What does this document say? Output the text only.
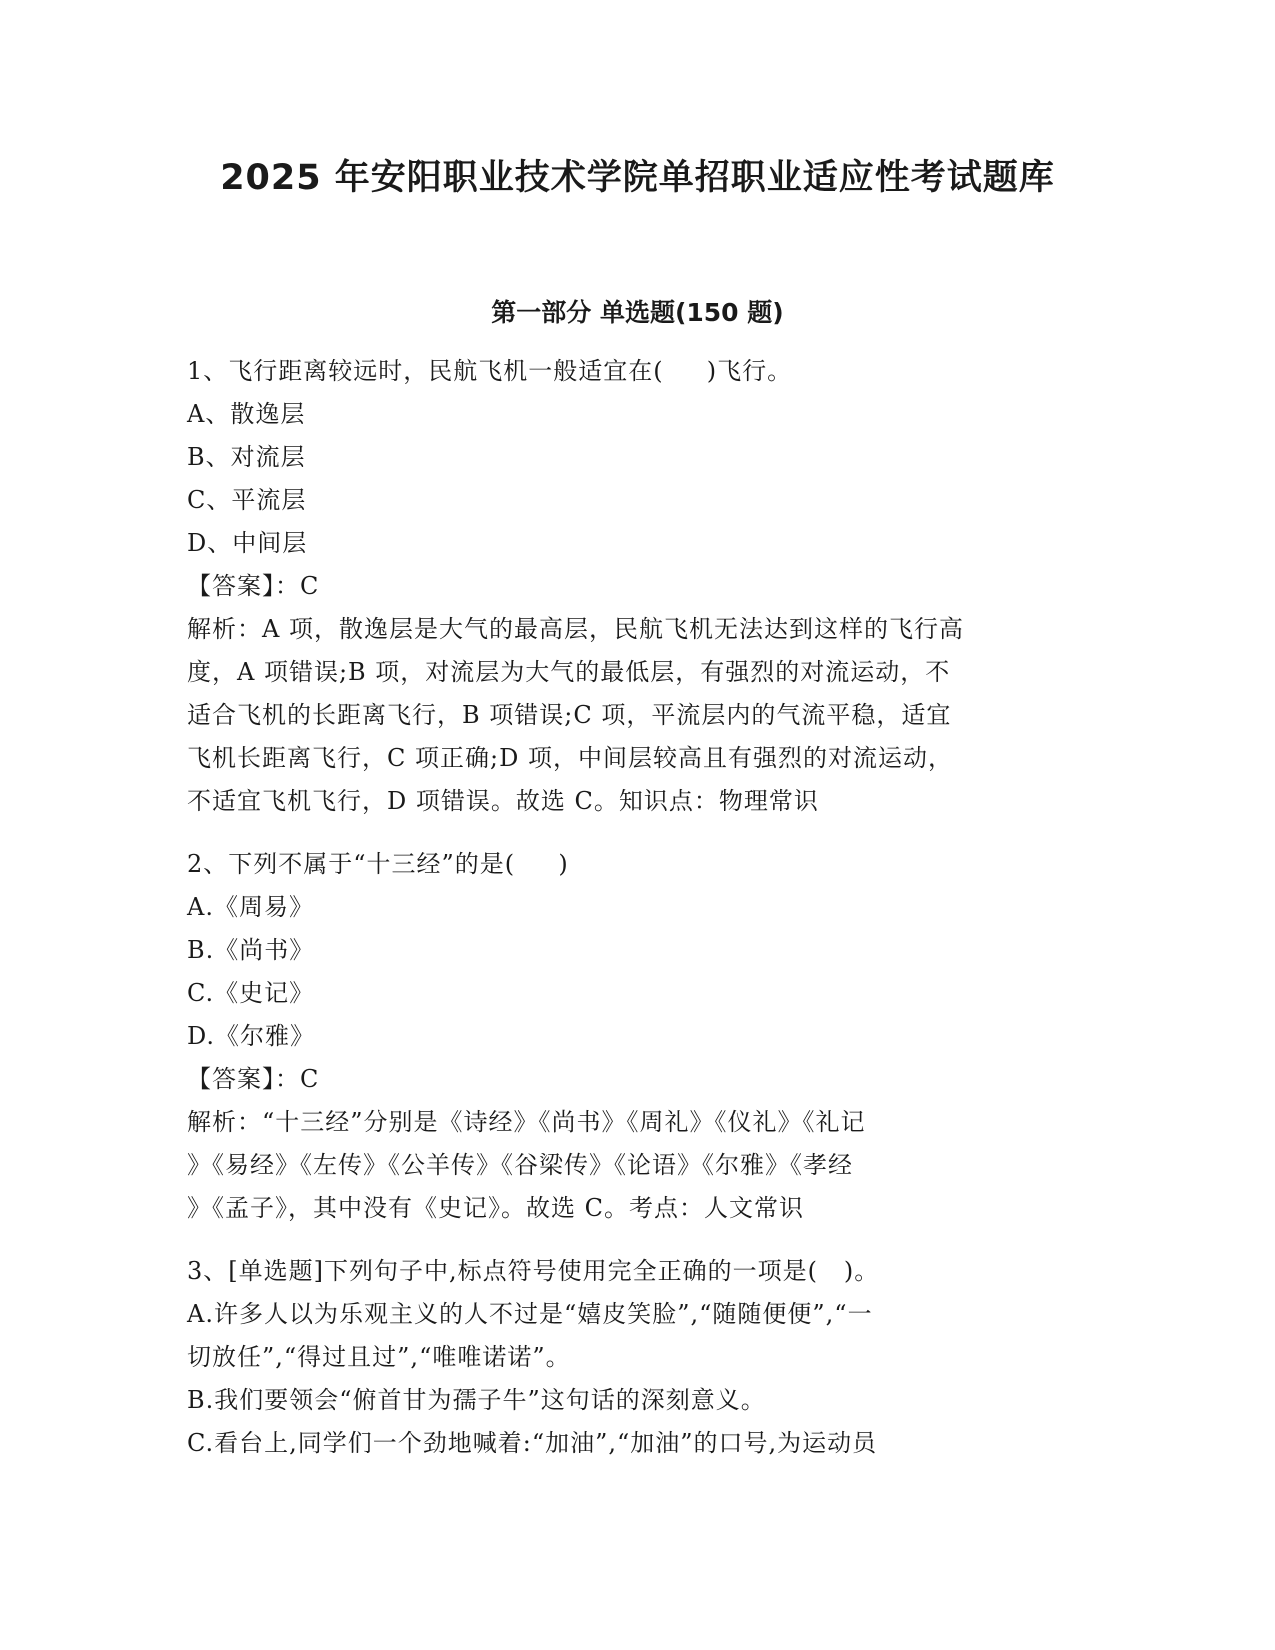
2025 年安阳职业技术学院单招职业适应性考试题库
第一部分 单选题(150 题)
1、飞行距离较远时，民航飞机一般适宜在(     )飞行。
A、散逸层
B、对流层
C、平流层
D、中间层
【答案】：C
解析：A 项，散逸层是大气的最高层，民航飞机无法达到这样的飞行高
度，A 项错误;B 项，对流层为大气的最低层，有强烈的对流运动，不
适合飞机的长距离飞行，B 项错误;C 项，平流层内的气流平稳，适宜
飞机长距离飞行，C 项正确;D 项，中间层较高且有强烈的对流运动，
不适宜飞机飞行，D 项错误。故选 C。知识点：物理常识
2、下列不属于“十三经”的是(     )
A.《周易》
B.《尚书》
C.《史记》
D.《尔雅》
【答案】：C
解析：“十三经”分别是《诗经》《尚书》《周礼》《仪礼》《礼记
》《易经》《左传》《公羊传》《谷梁传》《论语》《尔雅》《孝经
》《孟子》，其中没有《史记》。故选 C。考点：人文常识
3、[单选题]下列句子中,标点符号使用完全正确的一项是(   )。
A.许多人以为乐观主义的人不过是“嬉皮笑脸”,“随随便便”,“一
切放任”,“得过且过”,“唯唯诺诺”。
B.我们要领会“俯首甘为孺子牛”这句话的深刻意义。
C.看台上,同学们一个劲地喊着:“加油”,“加油”的口号,为运动员
